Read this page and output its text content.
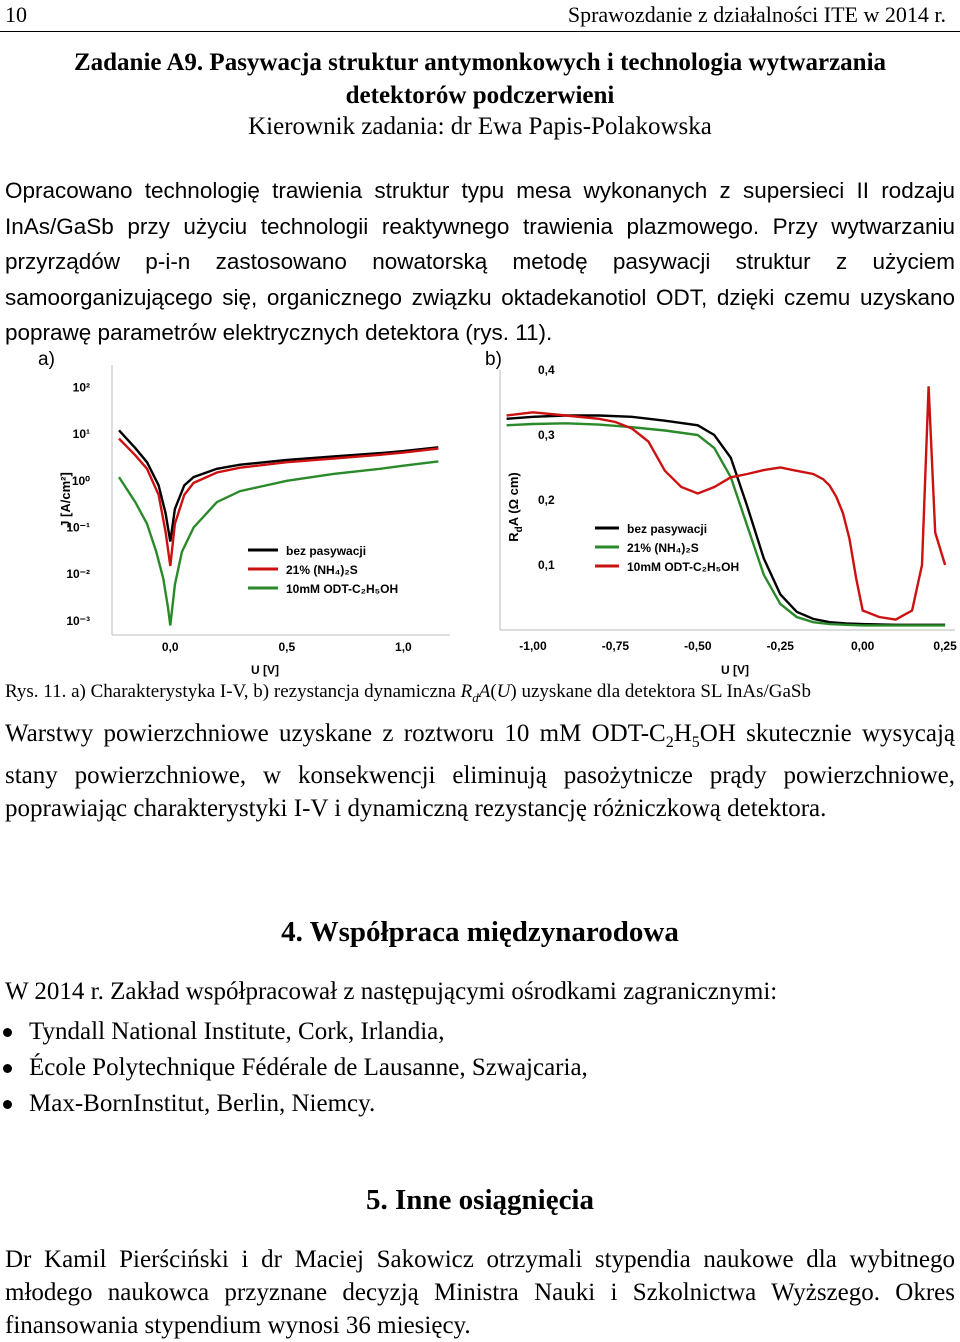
10	Sprawozdanie z działalności ITE w 2014 r.
Zadanie A9. Pasywacja struktur antymonkowych i technologia wytwarzania
detektorów podczerwieni
Kierownik zadania: dr Ewa Papis-Polakowska
Opracowano technologię trawienia struktur typu mesa wykonanych z supersieci II rodzaju InAs/GaSb przy użyciu technologii reaktywnego trawienia plazmowego. Przy wytwarzaniu przyrządów p-i-n zastosowano nowatorską metodę pasywacji struktur z użyciem samoorganizującego się, organicznego związku oktadekanotiol ODT, dzięki czemu uzyskano poprawę parametrów elektrycznych detektora (rys. 11).
a)
0,0	0,5	1,0
10²
10¹
10⁰
10⁻¹
10⁻²
10⁻³
U [V]
J [A/cm²]
bez pasywacji
21% (NH₄)₂S
10mM ODT-C₂H₅OH
b)
-1,00	-0,75	-0,50	-0,25	0,00	0,25
0,1
0,2
0,3
0,4
U [V]
$R_dA$ (Ω cm)
bez pasywacji
21% (NH₄)₂S
10mM ODT-C₂H₅OH
Rys. 11. a) Charakterystyka I-V, b) rezystancja dynamiczna $R_dA(U)$ uzyskane dla detektora SL InAs/GaSb
Warstwy powierzchniowe uzyskane z roztworu 10 mM ODT-$C_2H_5OH$ skutecznie wysycają stany powierzchniowe, w konsekwencji eliminują pasożytnicze prądy powierzchniowe, poprawiając charakterystyki I-V i dynamiczną rezystancję różniczkową detektora.
4. Współpraca międzynarodowa
W 2014 r. Zakład współpracował z następującymi ośrodkami zagranicznymi:
Tyndall National Institute, Cork, Irlandia,
École Polytechnique Fédérale de Lausanne, Szwajcaria,
Max-BornInstitut, Berlin, Niemcy.
5. Inne osiągnięcia
Dr Kamil Pierściński i dr Maciej Sakowicz otrzymali stypendia naukowe dla wybitnego młodego naukowca przyznane decyzją Ministra Nauki i Szkolnictwa Wyższego. Okres finansowania stypendium wynosi 36 miesięcy.
